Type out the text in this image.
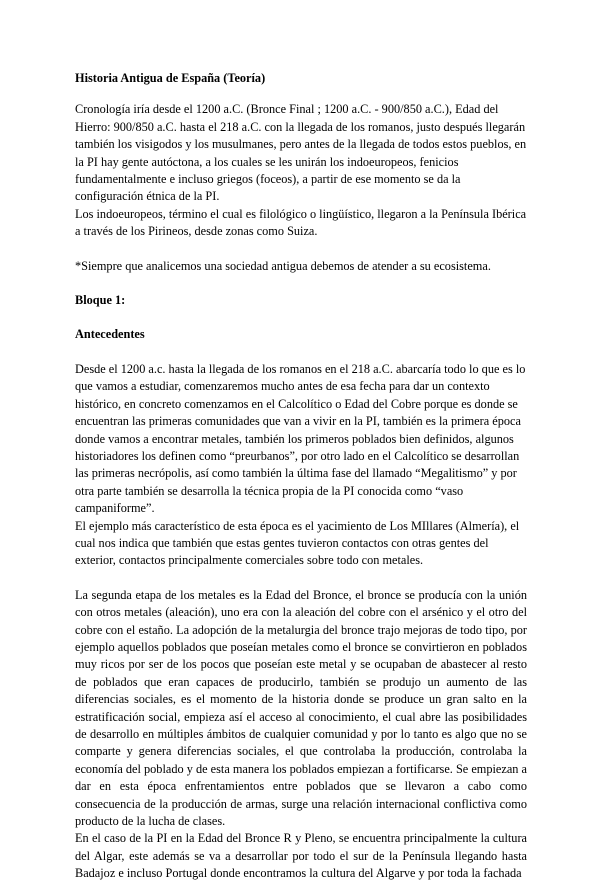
Historia Antigua de España (Teoría)

Cronología iría desde el 1200 a.C. (Bronce Final ; 1200 a.C. - 900/850 a.C.), Edad del Hierro: 900/850 a.C. hasta el 218 a.C. con la llegada de los romanos, justo después llegarán también los visigodos y los musulmanes, pero antes de la llegada de todos estos pueblos, en la PI hay gente autóctona, a los cuales se les unirán los indoeuropeos, fenicios fundamentalmente e incluso griegos (foceos), a partir de ese momento se da la configuración étnica de la PI.

Los indoeuropeos, término el cual es filológico o lingüístico, llegaron a la Península Ibérica a través de los Pirineos, desde zonas como Suiza.

*Siempre que analicemos una sociedad antigua debemos de atender a su ecosistema.

Bloque 1:
Antecedentes

Desde el 1200 a.c. hasta la llegada de los romanos en el 218 a.C. abarcaría todo lo que es lo que vamos a estudiar, comenzaremos mucho antes de esa fecha para dar un contexto histórico, en concreto comenzamos en el Calcolítico o Edad del Cobre porque es donde se encuentran las primeras comunidades que van a vivir en la PI, también es la primera época donde vamos a encontrar metales, también los primeros poblados bien definidos, algunos historiadores los definen como “preurbanos”, por otro lado en el Calcolítico se desarrollan las primeras necrópolis, así como también la última fase del llamado “Megalitismo” y por otra parte también se desarrolla la técnica propia de la PI conocida como “vaso campaniforme”.

El ejemplo más característico de esta época es el yacimiento de Los MIllares (Almería), el cual nos indica que también que estas gentes tuvieron contactos con otras gentes del exterior, contactos principalmente comerciales sobre todo con metales.

La segunda etapa de los metales es la Edad del Bronce, el bronce se producía con la unión con otros metales (aleación), uno era con la aleación del cobre con el arsénico y el otro del cobre con el estaño. La adopción de la metalurgia del bronce trajo mejoras de todo tipo, por ejemplo aquellos poblados que poseían metales como el bronce se convirtieron en poblados muy ricos por ser de los pocos que poseían este metal y se ocupaban de abastecer al resto de poblados que eran capaces de producirlo, también se produjo un aumento de las diferencias sociales, es el momento de la historia donde se produce un gran salto en la estratificación social, empieza así el acceso al conocimiento, el cual abre las posibilidades de desarrollo en múltiples ámbitos de cualquier comunidad y por lo tanto es algo que no se comparte y genera diferencias sociales, el que controlaba la producción, controlaba la economía del poblado y de esta manera los poblados empiezan a fortificarse. Se empiezan a dar en esta época enfrentamientos entre poblados que se llevaron a cabo como consecuencia de la producción de armas, surge una relación internacional conflictiva como producto de la lucha de clases.

En el caso de la PI en la Edad del Bronce R y Pleno, se encuentra principalmente la cultura del Algar, este además se va a desarrollar por todo el sur de la Península llegando hasta Badajoz e incluso Portugal donde encontramos la cultura del Algarve y por toda la fachada
